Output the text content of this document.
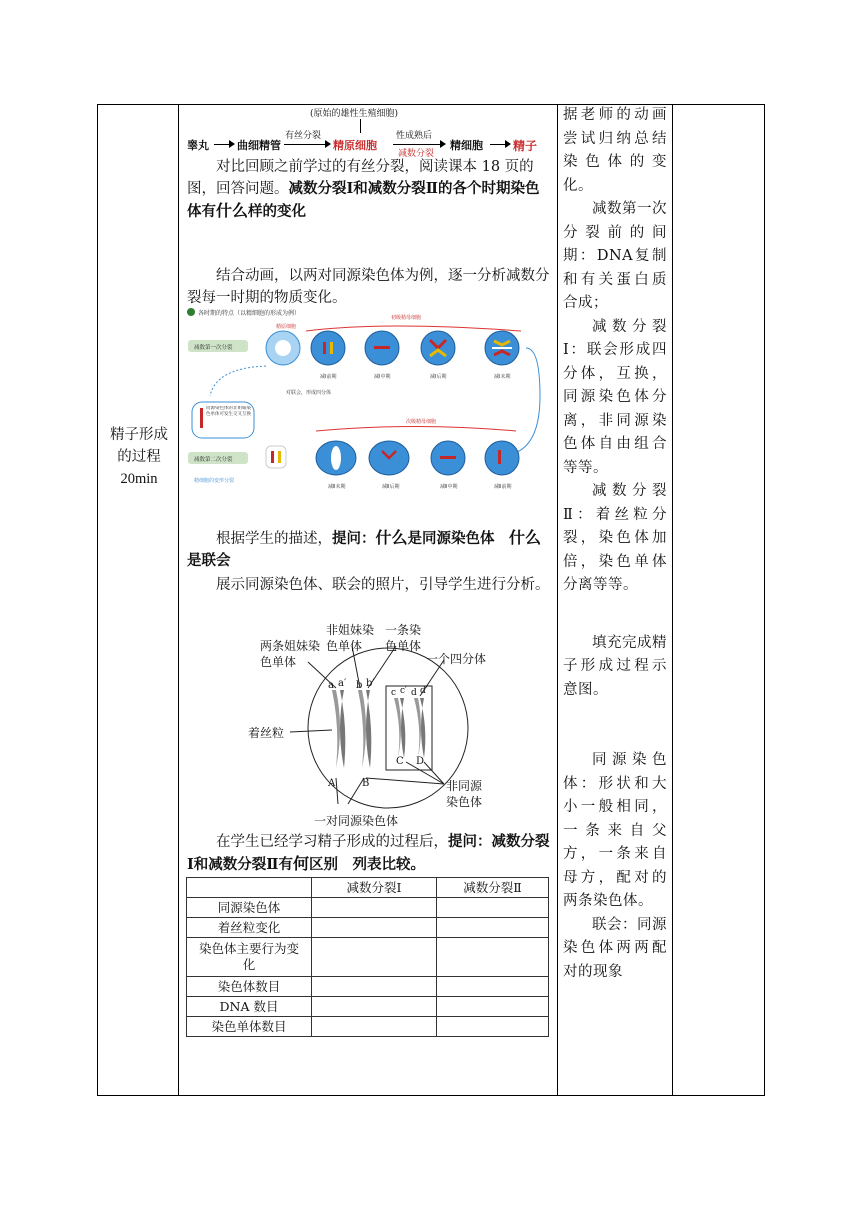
精子形成的过程
20min
(原始的雄性生殖细胞)
睾丸	曲细精管
有丝分裂
精原细胞
性成熟后
减数分裂
精细胞	精子

对比回顾之前学过的有丝分裂，阅读课本 18 页的图，回答问题。减数分裂Ⅰ和减数分裂Ⅱ的各个时期染色体有什么样的变化

结合动画，以两对同源染色体为例，逐一分析减数分裂每一时期的物质变化。

各时期的特点（以精细胞的形成为例）
初级精母细胞
精原细胞
减数第一次分裂
减数第二次分裂
减Ⅰ前期	减Ⅰ中期	减Ⅰ后期	减Ⅰ末期
对联会，形成四分体
同源染色体的非姐妹染色单体可发生交叉互换
次级精母细胞
减Ⅱ末期	减Ⅱ后期	减Ⅱ中期	减Ⅱ前期
精细胞的变形分裂

根据学生的描述，提问：什么是同源染色体　 什么是联会

展示同源染色体、联会的照片，引导学生进行分析。

两条姐妹染色单体
非姐妹染色单体
一条染色单体
一个四分体
着丝粒
一对同源染色体
非同源染色体
a a′ b b′
c c′ d d′
A	B
C D

在学生已经学习精子形成的过程后，提问：减数分裂Ⅰ和减数分裂Ⅱ有何区别　列表比较。

	减数分裂Ⅰ	减数分裂Ⅱ
同源染色体		
着丝粒变化		
染色体主要行为变化		
染色体数目		
DNA 数目		
染色单体数目		

据老师的动画尝试归纳总结染色体的变化。

减数第一次分裂前的间期：DNA复制和有关蛋白质合成；

减数分裂Ⅰ：联会形成四分体，互换，同源染色体分离，非同源染色体自由组合等等。

减数分裂Ⅱ：着丝粒分裂，染色体加倍，染色单体分离等等。

填充完成精子形成过程示意图。

同源染色体：形状和大小一般相同，一条来自父方，一条来自母方，配对的两条染色体。

联会：同源染色体两两配对的现象
